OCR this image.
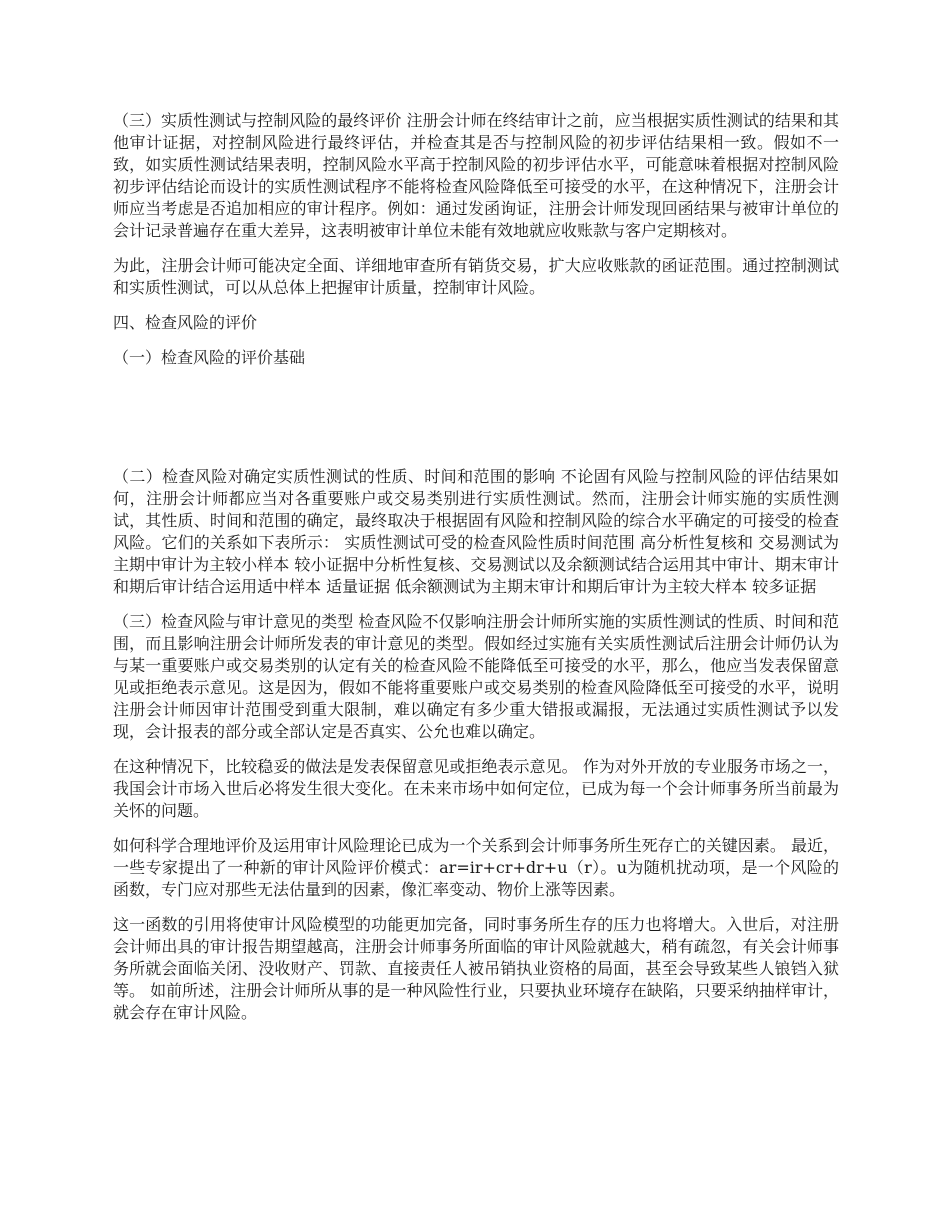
（三）实质性测试与控制风险的最终评价 注册会计师在终结审计之前，应当根据实质性测试的结果和其他审计证据，对控制风险进行最终评估，并检查其是否与控制风险的初步评估结果相一致。假如不一致，如实质性测试结果表明，控制风险水平高于控制风险的初步评估水平，可能意味着根据对控制风险初步评估结论而设计的实质性测试程序不能将检查风险降低至可接受的水平，在这种情况下，注册会计师应当考虑是否追加相应的审计程序。例如：通过发函询证，注册会计师发现回函结果与被审计单位的会计记录普遍存在重大差异，这表明被审计单位未能有效地就应收账款与客户定期核对。

为此，注册会计师可能决定全面、详细地审查所有销货交易，扩大应收账款的函证范围。通过控制测试和实质性测试，可以从总体上把握审计质量，控制审计风险。

四、检查风险的评价

（一）检查风险的评价基础

（二）检查风险对确定实质性测试的性质、时间和范围的影响 不论固有风险与控制风险的评估结果如何，注册会计师都应当对各重要账户或交易类别进行实质性测试。然而，注册会计师实施的实质性测试，其性质、时间和范围的确定，最终取决于根据固有风险和控制风险的综合水平确定的可接受的检查风险。它们的关系如下表所示： 实质性测试可受的检查风险性质时间范围 高分析性复核和 交易测试为主期中审计为主较小样本 较小证据中分析性复核、交易测试以及余额测试结合运用其中审计、期末审计和期后审计结合运用适中样本 适量证据 低余额测试为主期末审计和期后审计为主较大样本 较多证据

（三）检查风险与审计意见的类型 检查风险不仅影响注册会计师所实施的实质性测试的性质、时间和范围，而且影响注册会计师所发表的审计意见的类型。假如经过实施有关实质性测试后注册会计师仍认为与某一重要账户或交易类别的认定有关的检查风险不能降低至可接受的水平，那么，他应当发表保留意见或拒绝表示意见。这是因为，假如不能将重要账户或交易类别的检查风险降低至可接受的水平，说明注册会计师因审计范围受到重大限制，难以确定有多少重大错报或漏报，无法通过实质性测试予以发现，会计报表的部分或全部认定是否真实、公允也难以确定。

在这种情况下，比较稳妥的做法是发表保留意见或拒绝表示意见。 作为对外开放的专业服务市场之一，我国会计市场入世后必将发生很大变化。在未来市场中如何定位，已成为每一个会计师事务所当前最为关怀的问题。

如何科学合理地评价及运用审计风险理论已成为一个关系到会计师事务所生死存亡的关键因素。 最近，一些专家提出了一种新的审计风险评价模式：ar=ir+cr+dr+u（r）。u为随机扰动项，是一个风险的函数，专门应对那些无法估量到的因素，像汇率变动、物价上涨等因素。

这一函数的引用将使审计风险模型的功能更加完备，同时事务所生存的压力也将增大。入世后，对注册会计师出具的审计报告期望越高，注册会计师事务所面临的审计风险就越大，稍有疏忽，有关会计师事务所就会面临关闭、没收财产、罚款、直接责任人被吊销执业资格的局面，甚至会导致某些人锒铛入狱等。 如前所述，注册会计师所从事的是一种风险性行业，只要执业环境存在缺陷，只要采纳抽样审计，就会存在审计风险。
